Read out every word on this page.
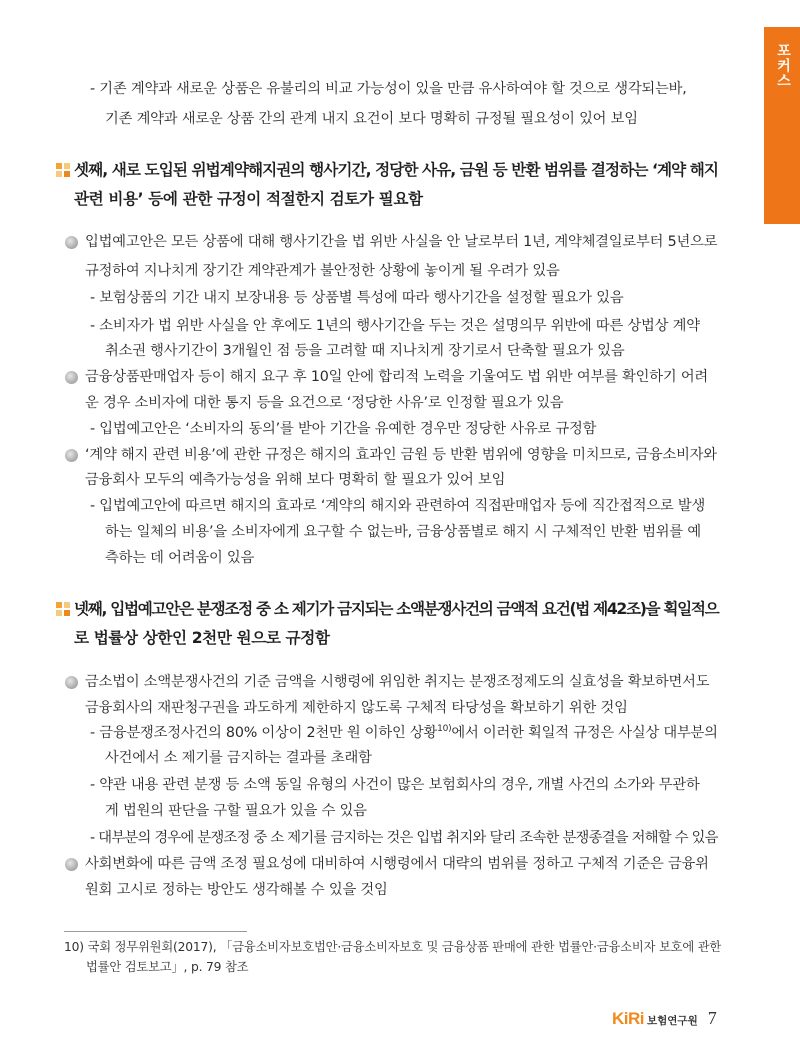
포커스
- 기존 계약과 새로운 상품은 유불리의 비교 가능성이 있을 만큼 유사하여야 할 것으로 생각되는바,
기존 계약과 새로운 상품 간의 관계 내지 요건이 보다 명확히 규정될 필요성이 있어 보임
셋째, 새로 도입된 위법계약해지권의 행사기간, 정당한 사유, 금원 등 반환 범위를 결정하는 ‘계약 해지
관련 비용’ 등에 관한 규정이 적절한지 검토가 필요함
입법예고안은 모든 상품에 대해 행사기간을 법 위반 사실을 안 날로부터 1년, 계약체결일로부터 5년으로
규정하여 지나치게 장기간 계약관계가 불안정한 상황에 놓이게 될 우려가 있음
- 보험상품의 기간 내지 보장내용 등 상품별 특성에 따라 행사기간을 설정할 필요가 있음
- 소비자가 법 위반 사실을 안 후에도 1년의 행사기간을 두는 것은 설명의무 위반에 따른 상법상 계약
취소권 행사기간이 3개월인 점 등을 고려할 때 지나치게 장기로서 단축할 필요가 있음
금융상품판매업자 등이 해지 요구 후 10일 안에 합리적 노력을 기울여도 법 위반 여부를 확인하기 어려
운 경우 소비자에 대한 통지 등을 요건으로 ‘정당한 사유’로 인정할 필요가 있음
- 입법예고안은 ‘소비자의 동의’를 받아 기간을 유예한 경우만 정당한 사유로 규정함
‘계약 해지 관련 비용’에 관한 규정은 해지의 효과인 금원 등 반환 범위에 영향을 미치므로, 금융소비자와
금융회사 모두의 예측가능성을 위해 보다 명확히 할 필요가 있어 보임
- 입법예고안에 따르면 해지의 효과로 ‘계약의 해지와 관련하여 직접판매업자 등에 직간접적으로 발생
하는 일체의 비용’을 소비자에게 요구할 수 없는바, 금융상품별로 해지 시 구체적인 반환 범위를 예
측하는 데 어려움이 있음
넷째, 입법예고안은 분쟁조정 중 소 제기가 금지되는 소액분쟁사건의 금액적 요건(법 제42조)을 획일적으
로 법률상 상한인 2천만 원으로 규정함
금소법이 소액분쟁사건의 기준 금액을 시행령에 위임한 취지는 분쟁조정제도의 실효성을 확보하면서도
금융회사의 재판청구권을 과도하게 제한하지 않도록 구체적 타당성을 확보하기 위한 것임
- 금융분쟁조정사건의 80% 이상이 2천만 원 이하인 상황$^{10)}$에서 이러한 획일적 규정은 사실상 대부분의
사건에서 소 제기를 금지하는 결과를 초래함
- 약관 내용 관련 분쟁 등 소액 동일 유형의 사건이 많은 보험회사의 경우, 개별 사건의 소가와 무관하
게 법원의 판단을 구할 필요가 있을 수 있음
- 대부분의 경우에 분쟁조정 중 소 제기를 금지하는 것은 입법 취지와 달리 조속한 분쟁종결을 저해할 수 있음
사회변화에 따른 금액 조정 필요성에 대비하여 시행령에서 대략의 범위를 정하고 구체적 기준은 금융위
원회 고시로 정하는 방안도 생각해볼 수 있을 것임
10) 국회 정무위원회(2017), 「금융소비자보호법안·금융소비자보호 및 금융상품 판매에 관한 법률안·금융소비자 보호에 관한
법률안 검토보고」, p. 79 참조
KiRi 보험연구원 7
